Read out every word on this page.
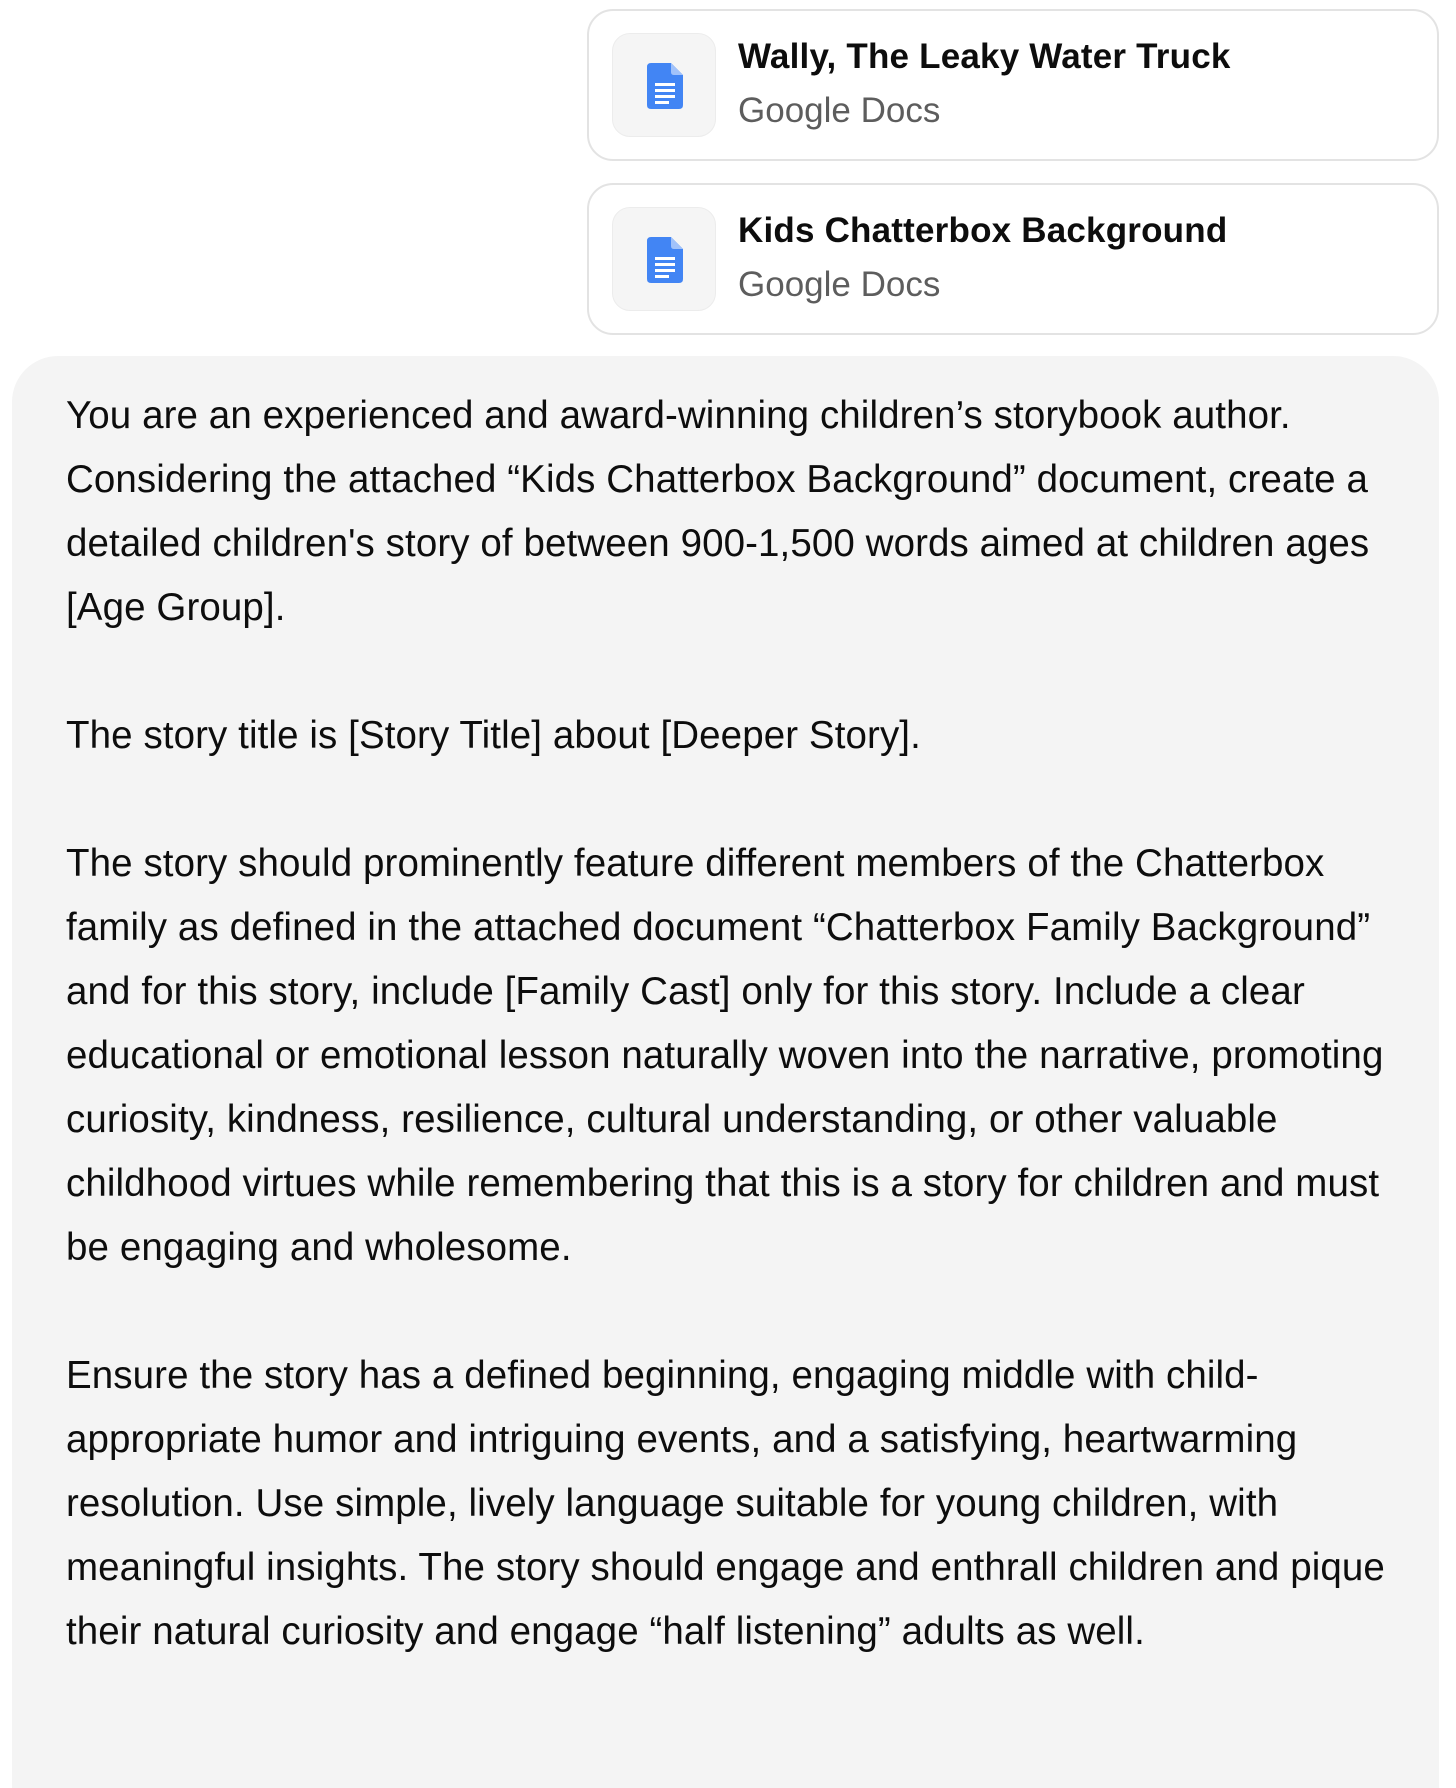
Wally, The Leaky Water Truck
Google Docs
Kids Chatterbox Background
Google Docs

You are an experienced and award-winning children’s storybook author. Considering the attached “Kids Chatterbox Background” document, create a detailed children's story of between 900-1,500 words aimed at children ages [Age Group].

The story title is [Story Title] about [Deeper Story].

The story should prominently feature different members of the Chatterbox family as defined in the attached document “Chatterbox Family Background” and for this story, include [Family Cast] only for this story. Include a clear educational or emotional lesson naturally woven into the narrative, promoting curiosity, kindness, resilience, cultural understanding, or other valuable childhood virtues while remembering that this is a story for children and must be engaging and wholesome.

Ensure the story has a defined beginning, engaging middle with child-appropriate humor and intriguing events, and a satisfying, heartwarming resolution. Use simple, lively language suitable for young children, with meaningful insights. The story should engage and enthrall children and pique their natural curiosity and engage “half listening” adults as well.
